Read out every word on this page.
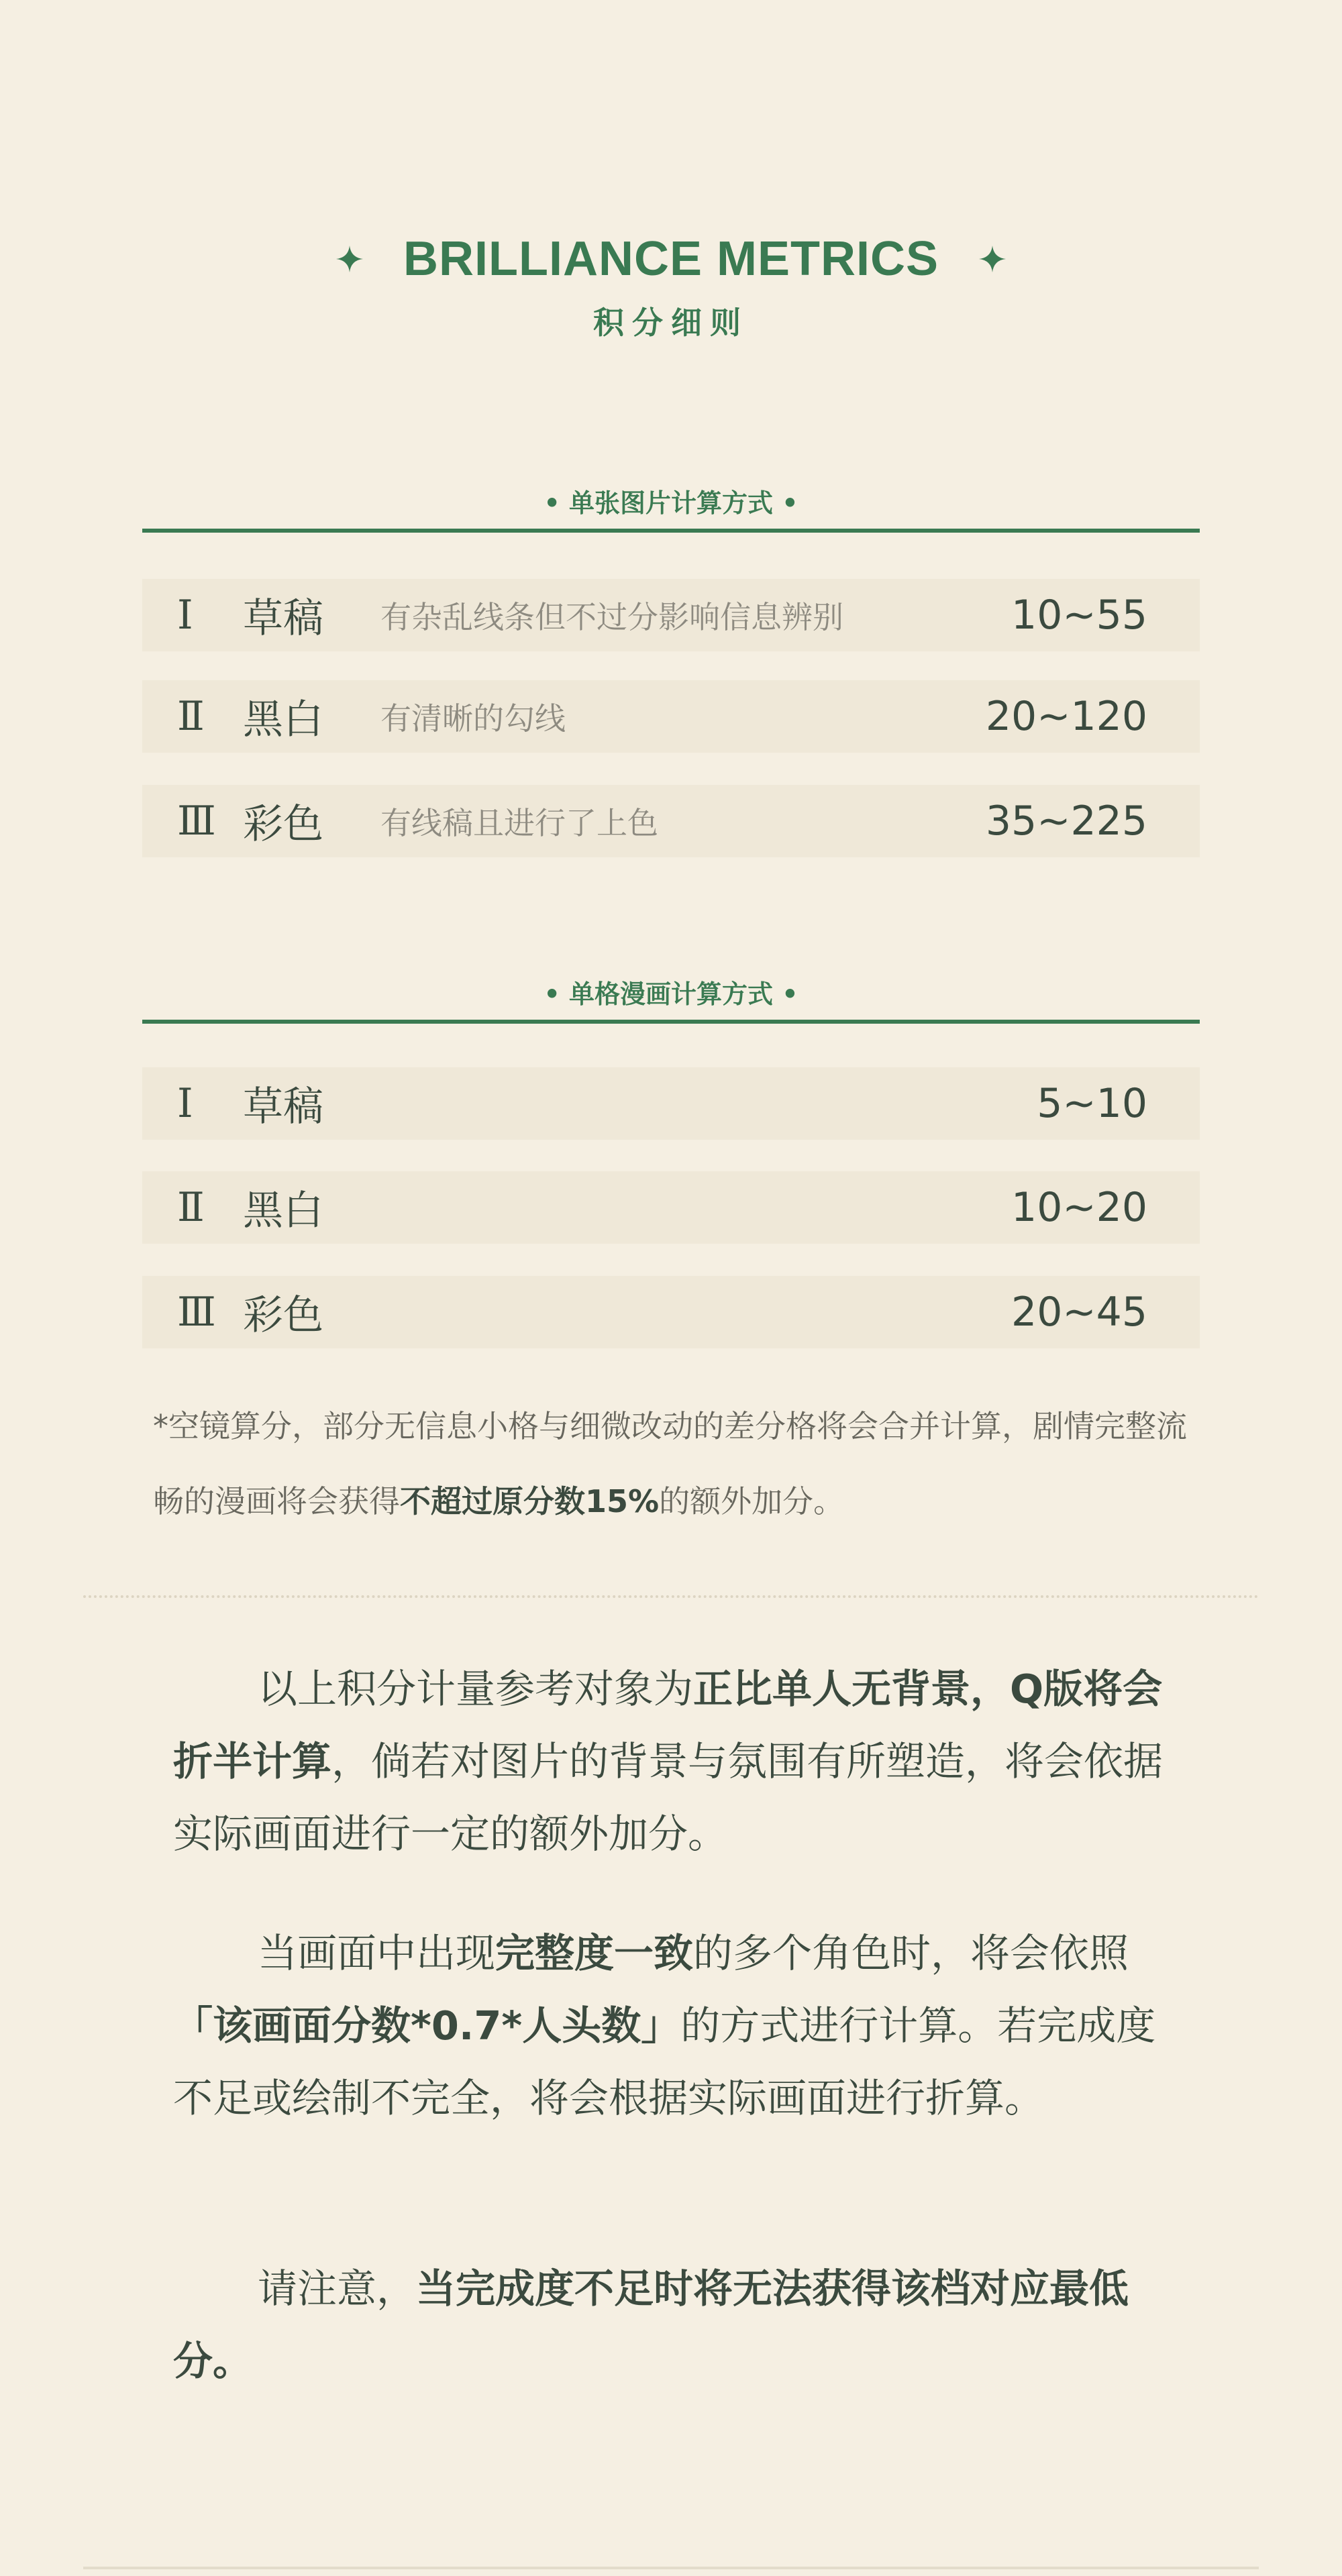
BRILLIANCE METRICS
积分细则
• 单张图片计算方式 •
Ⅰ	草稿	有杂乱线条但不过分影响信息辨别	10~55
Ⅱ 黑白	有清晰的勾线	20~120
Ⅲ 彩色	有线稿且进行了上色	35~225
• 单格漫画计算方式 •
Ⅰ	草稿	5~10
Ⅱ 黑白	10~20
Ⅲ 彩色	20~45
*空镜算分，部分无信息小格与细微改动的差分格将会合并计算，剧情完整流畅的漫画将会获得不超过原分数15%的额外加分。
以上积分计量参考对象为正比单人无背景，Q版将会折半计算，倘若对图片的背景与氛围有所塑造，将会依据实际画面进行一定的额外加分。
当画面中出现完整度一致的多个角色时，将会依照「该画面分数*0.7*人头数」的方式进行计算。若完成度不足或绘制不完全，将会根据实际画面进行折算。
请注意，当完成度不足时将无法获得该档对应最低分。
